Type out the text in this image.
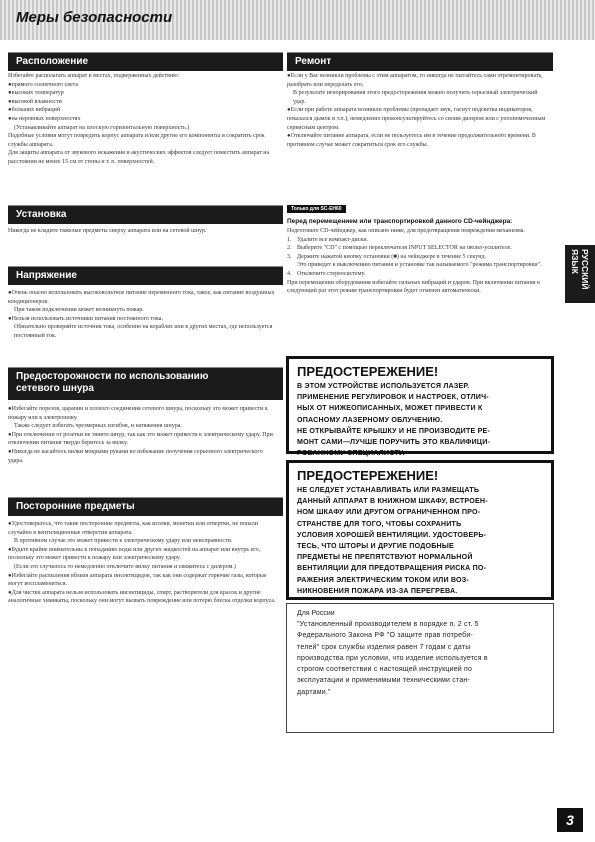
Меры безопасности
Расположение

Избегайте располагать аппарат в местах, подверженных действию:

●прямого солнечного света

●высоких температур

●высокой влажности

●больших вибраций

●на неровных поверхностях

(Устанавливайте аппарат на плоскую горизонтальную поверхность.)

Подобные условия могут повредить корпус аппарата и/или другие его компоненты и сократить срок службы аппарата.

Для защиты аппарата от звукового искажения и акустических эффектов следует поместить аппарат на расстоянии не менее 15 см от стены и т. п. поверхностей.

Установка

Никогда не кладите тяжелые предметы сверху аппарата или на сетевой шнур.

Напряжение

●Очень опасно использовать высоковольтное питание переменного тока, такое, как питание воздушных кондиционеров.

При таком подключении может возникнуть пожар.

●Нельзя использовать источники питания постоянного тока.

Обязательно проверяйте источник тока, особенно на кораблях или в других местах, где используется постоянный ток.

Предосторожности по использованию
сетевого шнура

●Избегайте порезов, царапин и плохого соединения сетевого шнура, поскольку это может привести к пожару или к электрошоку.

Также следует избегать чрезмерных изгибов, и натяжения шнура.

●При отключении от розетки не тяните шнур, так как это может привести к электрическому удару. При отключении питания твердо беритесь за вилку.

●Никогда не касайтесь вилки мокрыми руками во избежание получения серьезного электрического удара.

Посторонние предметы

●Удостоверьтесь, что такие посторонние предметы, как иголки, монетки или отвертки, не попали случайно в вентиляционные отверстия аппарата.

В противном случае это может привести к электрическому удару или неисправности.

●Будьте крайне внимательны к попаданию воды или других жидкостей на аппарат или внутрь его, поскольку это может привести к пожару или электрическому удару.

(Если это случилось то немедленно отключите вилку питания и свяжитесь с дилером.)

●Избегайте распыления вблизи аппарата инсектицидов, так как они содержат горючие газы, которые могут воспламениться.

●Для чистки аппарата нельзя использовать инсектициды, спирт, растворители для красок и другие аналогичные химикаты, поскольку они могут вызвать повреждение или потерю блеска отделки корпуса.

Ремонт

●Если у Вас возникли проблемы с этим аппаратом, то никогда не пытайтесь сами отремонтировать, разобрать или переделать его.

В результате игнорирования этого предостережения можно получить серьезный электрический удар.

●Если при работе аппарата возникли проблемы (пропадает звук, гаснут подсветка индикаторов, показался дымок и т.п.), немедленно проконсультируйтесь со своим дилером или с уполномоченным сервисным центром.

●Отключайте питание аппарата, если не пользуетесь им в течение продолжительного времени. В противном случае может сократиться срок его службы.

Только для SC-EH60

Перед перемещением или транспортировкой данного CD-чейнджера:

Подготовьте CD-чейнджер, как описано ниже, для предотвращения повреждения механизма.

1. Удалите все компакт-диски.
2. Выберите "CD" с помощью переключателя INPUT SELECTOR на пюльт-усилителе.
3. Держите нажатой кнопку остановки (■) на чейнджере в течение 5 секунд.
Это приведет к выключению питания и установке так называемого "режима транспортировки".
4. Отключите стереосистему.

При перемещении оборудования избегайте сильных вибраций и ударов. При включении питания в следующий раз этот режим транспортировки будет отменен автоматически.

ПРЕДОСТЕРЕЖЕНИЕ!

В ЭТОМ УСТРОЙСТВЕ ИСПОЛЬЗУЕТСЯ ЛАЗЕР.

ПРИМЕНЕНИЕ РЕГУЛИРОВОК И НАСТРОЕК, ОТЛИЧ-

НЫХ ОТ НИЖЕОПИСАННЫХ, МОЖЕТ ПРИВЕСТИ К

ОПАСНОМУ ЛАЗЕРНОМУ ОБЛУЧЕНИЮ.

НЕ ОТКРЫВАЙТЕ КРЫШКУ И НЕ ПРОИЗВОДИТЕ РЕ-

МОНТ САМИ—ЛУЧШЕ ПОРУЧИТЬ ЭТО КВАЛИФИЦИ-

РОВАННОМУ СПЕЦИАЛИСТУ.

ПРЕДОСТЕРЕЖЕНИЕ!

НЕ СЛЕДУЕТ УСТАНАВЛИВАТЬ ИЛИ РАЗМЕЩАТЬ

ДАННЫЙ АППАРАТ В КНИЖНОМ ШКАФУ, ВСТРОЕН-

НОМ ШКАФУ ИЛИ ДРУГОМ ОГРАНИЧЕННОМ ПРО-

СТРАНСТВЕ ДЛЯ ТОГО, ЧТОБЫ СОХРАНИТЬ

УСЛОВИЯ ХОРОШЕЙ ВЕНТИЛЯЦИИ. УДОСТОВЕРЬ-

ТЕСЬ, ЧТО ШТОРЫ И ДРУГИЕ ПОДОБНЫЕ

ПРЕДМЕТЫ НЕ ПРЕПЯТСТВУЮТ НОРМАЛЬНОЙ

ВЕНТИЛЯЦИИ ДЛЯ ПРЕДОТВРАЩЕНИЯ РИСКА ПО-

РАЖЕНИЯ ЭЛЕКТРИЧЕСКИМ ТОКОМ ИЛИ ВОЗ-

НИКНОВЕНИЯ ПОЖАРА ИЗ-ЗА ПЕРЕГРЕВА.

Для России

"Установленный производителем в порядке п. 2 ст. 5

Федерального Закона РФ "О защите прав потреби-

телей" срок службы изделия равен 7 годам с даты

производства при условии, что изделие используется в

строгом соответствии с настоящей инструкцией по

эксплуатации и применимыми техническими стан-

дартами."

РУССКИЙ ЯЗЫК
3
